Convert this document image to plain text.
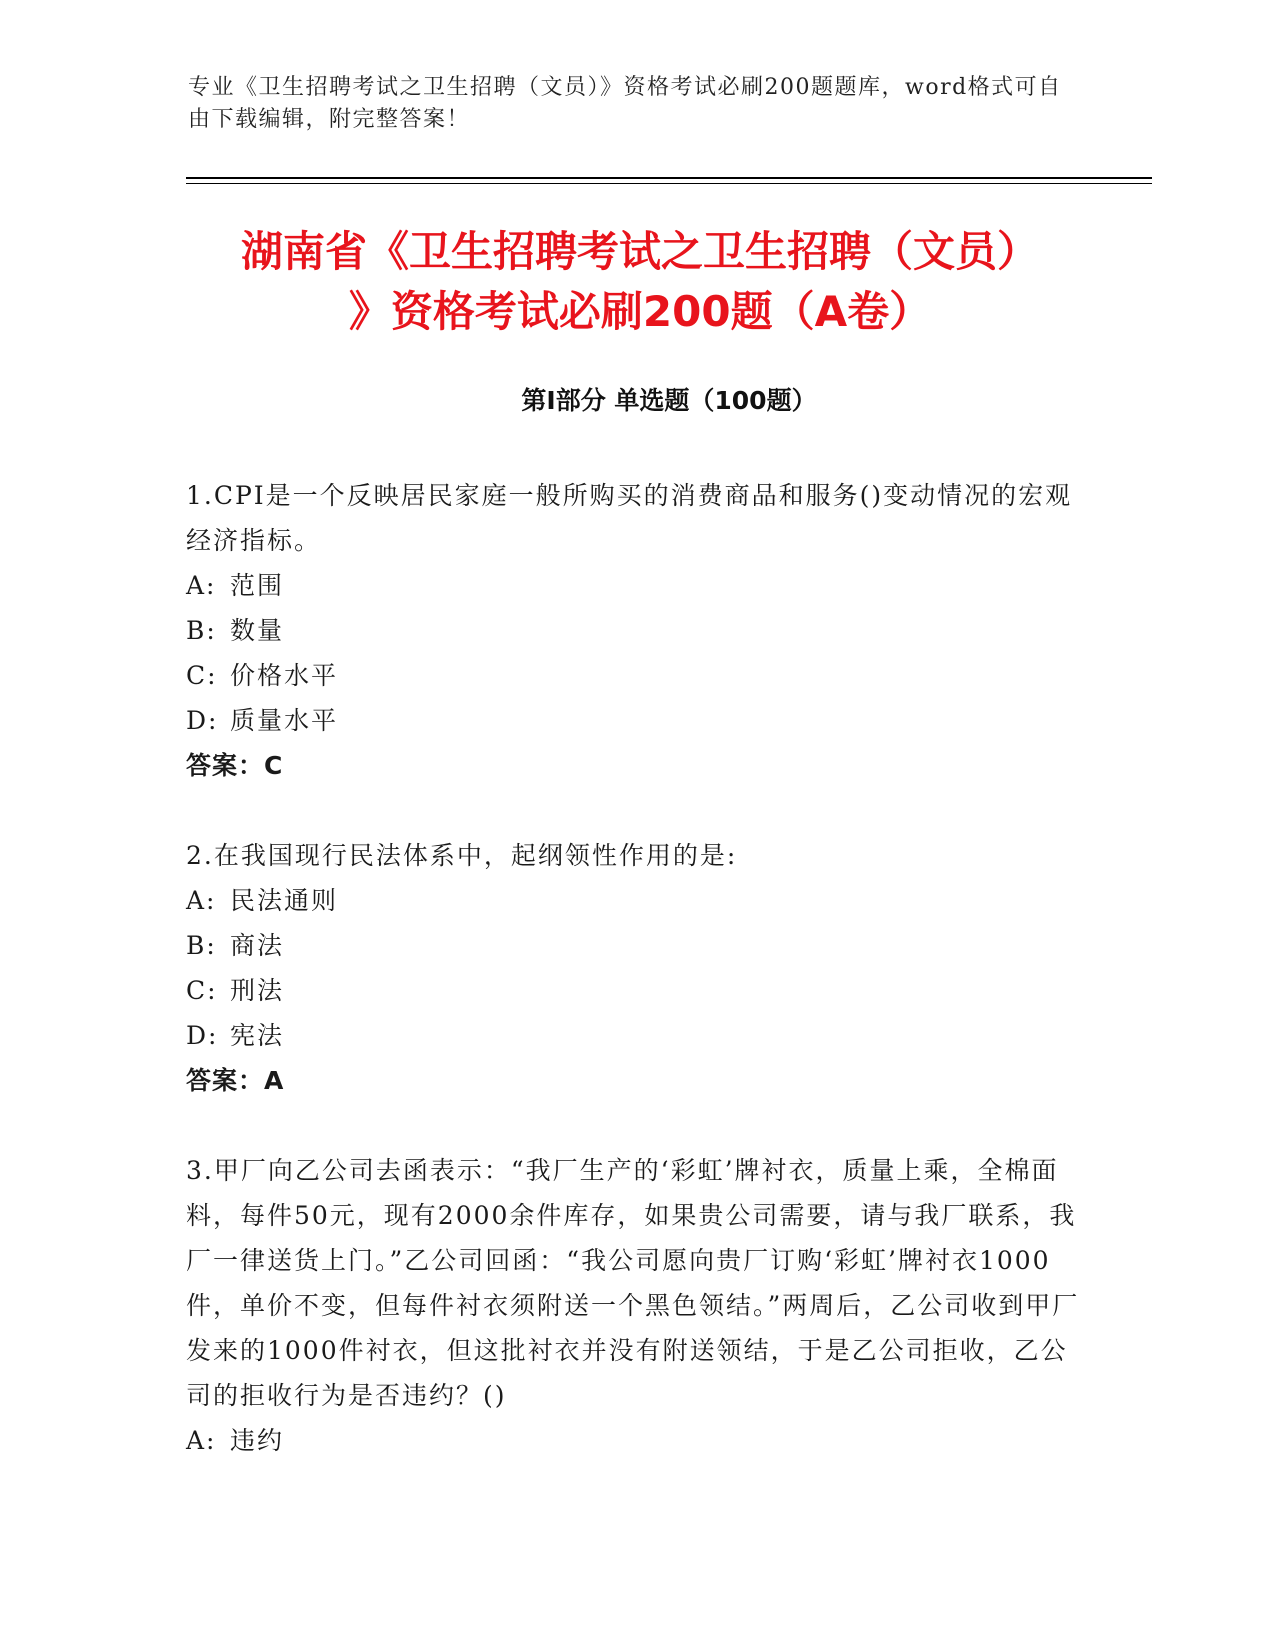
专业《卫生招聘考试之卫生招聘（文员）》资格考试必刷200题题库，word格式可自由下载编辑，附完整答案！
湖南省《卫生招聘考试之卫生招聘（文员）
》资格考试必刷200题（A卷）
第Ⅰ部分 单选题（100题）

1.CPI是一个反映居民家庭一般所购买的消费商品和服务()变动情况的宏观经济指标。

A: 范围

B: 数量

C: 价格水平

D: 质量水平

答案：C

2.在我国现行民法体系中，起纲领性作用的是:

A: 民法通则

B: 商法

C: 刑法

D: 宪法

答案：A

3.甲厂向乙公司去函表示：“我厂生产的‘彩虹’牌衬衣，质量上乘，全棉面料，每件50元，现有2000余件库存，如果贵公司需要，请与我厂联系，我厂一律送货上门。”乙公司回函：“我公司愿向贵厂订购‘彩虹’牌衬衣1000件，单价不变，但每件衬衣须附送一个黑色领结。”两周后，乙公司收到甲厂发来的1000件衬衣，但这批衬衣并没有附送领结，于是乙公司拒收，乙公司的拒收行为是否违约？()

A: 违约
